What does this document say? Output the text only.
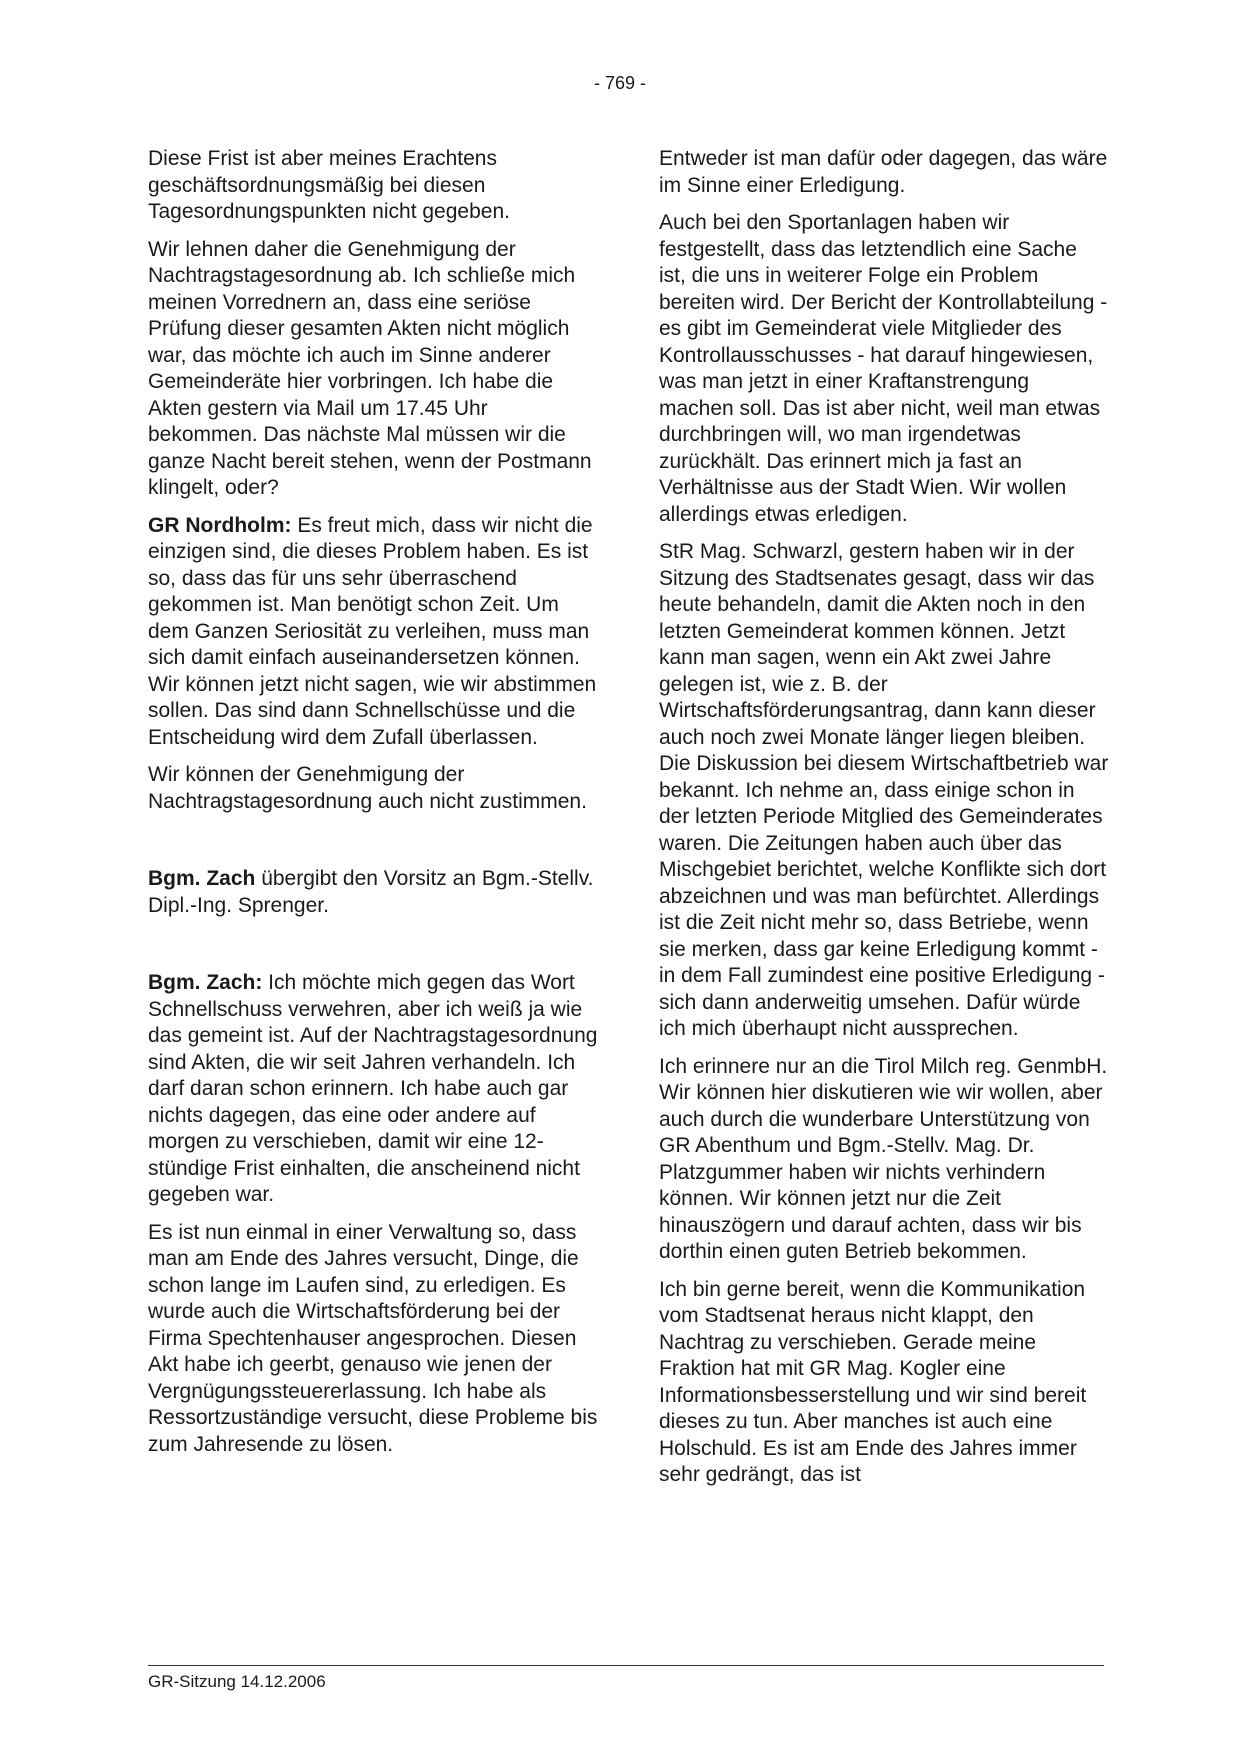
- 769 -

Diese Frist ist aber meines Erachtens geschäftsordnungsmäßig bei diesen Tagesordnungspunkten nicht gegeben.

Wir lehnen daher die Genehmigung der Nachtragstagesordnung ab. Ich schließe mich meinen Vorrednern an, dass eine seriöse Prüfung dieser gesamten Akten nicht möglich war, das möchte ich auch im Sinne anderer Gemeinderäte hier vorbringen. Ich habe die Akten gestern via Mail um 17.45 Uhr bekommen. Das nächste Mal müssen wir die ganze Nacht bereit stehen, wenn der Postmann klingelt, oder?

GR Nordholm: Es freut mich, dass wir nicht die einzigen sind, die dieses Problem haben. Es ist so, dass das für uns sehr überraschend gekommen ist. Man benötigt schon Zeit. Um dem Ganzen Seriosität zu verleihen, muss man sich damit einfach auseinandersetzen können. Wir können jetzt nicht sagen, wie wir abstimmen sollen. Das sind dann Schnellschüsse und die Entscheidung wird dem Zufall überlassen.

Wir können der Genehmigung der Nachtragstagesordnung auch nicht zustimmen.

Bgm. Zach übergibt den Vorsitz an Bgm.-Stellv. Dipl.-Ing. Sprenger.

Bgm. Zach: Ich möchte mich gegen das Wort Schnellschuss verwehren, aber ich weiß ja wie das gemeint ist. Auf der Nachtragstagesordnung sind Akten, die wir seit Jahren verhandeln. Ich darf daran schon erinnern. Ich habe auch gar nichts dagegen, das eine oder andere auf morgen zu verschieben, damit wir eine 12-stündige Frist einhalten, die anscheinend nicht gegeben war.

Es ist nun einmal in einer Verwaltung so, dass man am Ende des Jahres versucht, Dinge, die schon lange im Laufen sind, zu erledigen. Es wurde auch die Wirtschaftsförderung bei der Firma Spechtenhauser angesprochen. Diesen Akt habe ich geerbt, genauso wie jenen der Vergnügungssteuererlassung. Ich habe als Ressortzuständige versucht, diese Probleme bis zum Jahresende zu lösen.

Entweder ist man dafür oder dagegen, das wäre im Sinne einer Erledigung.

Auch bei den Sportanlagen haben wir festgestellt, dass das letztendlich eine Sache ist, die uns in weiterer Folge ein Problem bereiten wird. Der Bericht der Kontrollabteilung - es gibt im Gemeinderat viele Mitglieder des Kontrollausschusses - hat darauf hingewiesen, was man jetzt in einer Kraftanstrengung machen soll. Das ist aber nicht, weil man etwas durchbringen will, wo man irgendetwas zurückhält. Das erinnert mich ja fast an Verhältnisse aus der Stadt Wien. Wir wollen allerdings etwas erledigen.

StR Mag. Schwarzl, gestern haben wir in der Sitzung des Stadtsenates gesagt, dass wir das heute behandeln, damit die Akten noch in den letzten Gemeinderat kommen können. Jetzt kann man sagen, wenn ein Akt zwei Jahre gelegen ist, wie z. B. der Wirtschaftsförderungsantrag, dann kann dieser auch noch zwei Monate länger liegen bleiben. Die Diskussion bei diesem Wirtschaftbetrieb war bekannt. Ich nehme an, dass einige schon in der letzten Periode Mitglied des Gemeinderates waren. Die Zeitungen haben auch über das Mischgebiet berichtet, welche Konflikte sich dort abzeichnen und was man befürchtet. Allerdings ist die Zeit nicht mehr so, dass Betriebe, wenn sie merken, dass gar keine Erledigung kommt - in dem Fall zumindest eine positive Erledigung - sich dann anderweitig umsehen. Dafür würde ich mich überhaupt nicht aussprechen.

Ich erinnere nur an die Tirol Milch reg. GenmbH. Wir können hier diskutieren wie wir wollen, aber auch durch die wunderbare Unterstützung von GR Abenthum und Bgm.-Stellv. Mag. Dr. Platzgummer haben wir nichts verhindern können. Wir können jetzt nur die Zeit hinauszögern und darauf achten, dass wir bis dorthin einen guten Betrieb bekommen.

Ich bin gerne bereit, wenn die Kommunikation vom Stadtsenat heraus nicht klappt, den Nachtrag zu verschieben. Gerade meine Fraktion hat mit GR Mag. Kogler eine Informationsbesserstellung und wir sind bereit dieses zu tun. Aber manches ist auch eine Holschuld. Es ist am Ende des Jahres immer sehr gedrängt, das ist

GR-Sitzung 14.12.2006
